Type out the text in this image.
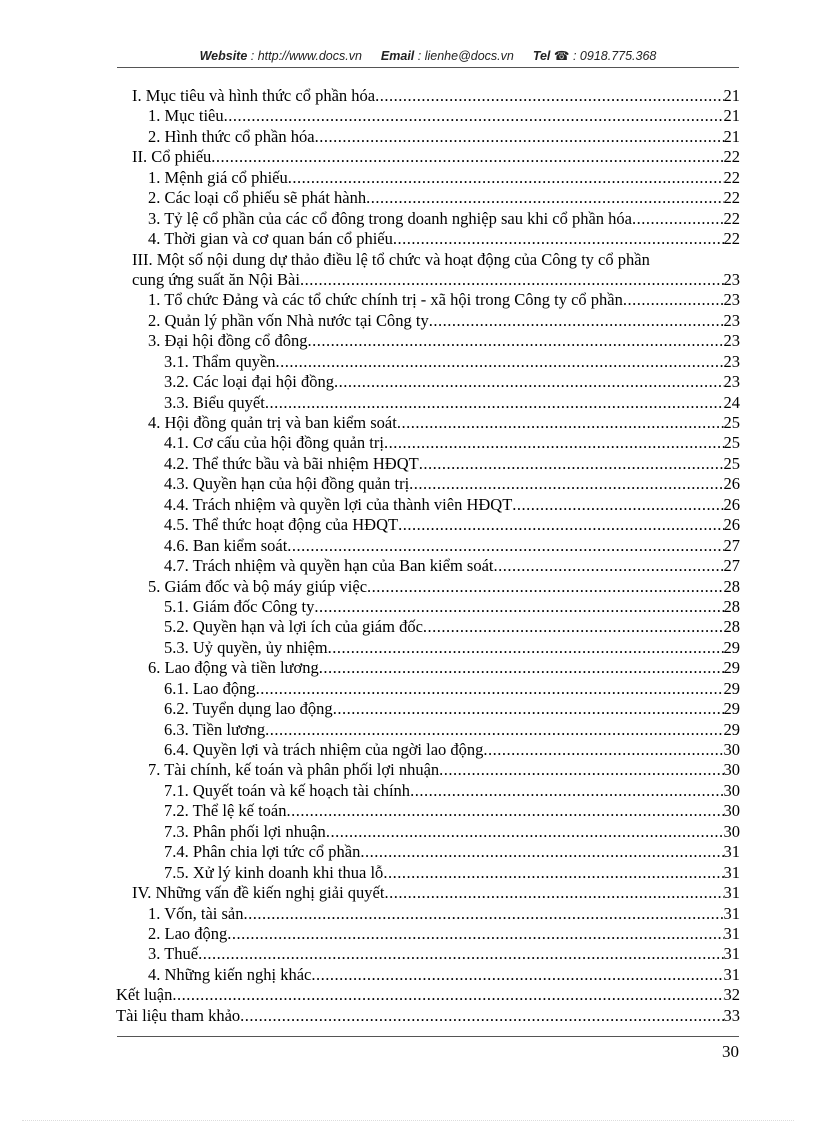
Website : http://www.docs.vn Email : lienhe@docs.vn Tel ☎ : 0918.775.368
I. Mục tiêu và hình thức cổ phần hóa .....	21
1. Mục tiêu .....	21
2. Hình thức cổ phần hóa .....	21
II. Cổ phiếu .....	22
1. Mệnh giá cổ phiếu .....	22
2. Các loại cổ phiếu sẽ phát hành .....	22
3. Tỷ lệ cổ phần của các cổ đông trong doanh nghiệp sau khi cổ phần hóa .....	22
4. Thời gian và cơ quan bán cổ phiếu .....	22
III. Một số nội dung dự thảo điều lệ tổ chức và hoạt động của Công ty cổ phần
cung ứng suất ăn Nội Bài .....	23
1. Tổ chức Đảng và các tổ chức chính trị - xã hội trong Công ty cổ phần .....	23
2. Quản lý phần vốn Nhà nước tại Công ty .....	23
3. Đại hội đồng cổ đông .....	23
3.1. Thẩm quyền .....	23
3.2. Các loại đại hội đồng .....	23
3.3. Biểu quyết .....	24
4. Hội đồng quản trị và ban kiểm soát .....	25
4.1. Cơ cấu của hội đồng quản trị .....	25
4.2. Thể thức bầu và bãi nhiệm HĐQT .....	25
4.3. Quyền hạn của hội đồng quản trị .....	26
4.4. Trách nhiệm và quyền lợi của thành viên HĐQT .....	26
4.5. Thể thức hoạt động của HĐQT .....	26
4.6. Ban kiểm soát .....	27
4.7. Trách nhiệm và quyền hạn của Ban kiểm soát .....	27
5. Giám đốc và bộ máy giúp việc .....	28
5.1. Giám đốc Công ty .....	28
5.2. Quyền hạn và lợi ích của giám đốc .....	28
5.3. Uỷ quyền, ủy nhiệm .....	29
6. Lao động và tiền lương .....	29
6.1. Lao động .....	29
6.2. Tuyển dụng lao động .....	29
6.3. Tiền lương .....	29
6.4. Quyền lợi và trách nhiệm của ngời lao động .....	30
7. Tài chính, kế toán và phân phối lợi nhuận .....	30
7.1. Quyết toán và kế hoạch tài chính .....	30
7.2. Thể lệ kế toán .....	30
7.3. Phân phối lợi nhuận .....	30
7.4. Phân chia lợi tức cổ phần .....	31
7.5. Xử lý kinh doanh khi thua lỗ .....	31
IV. Những vấn đề kiến nghị giải quyết .....	31
1. Vốn, tài sản .....	31
2. Lao động .....	31
3. Thuế .....	31
4. Những kiến nghị khác .....	31
Kết luận .....	32
Tài liệu tham khảo .....	33
30
